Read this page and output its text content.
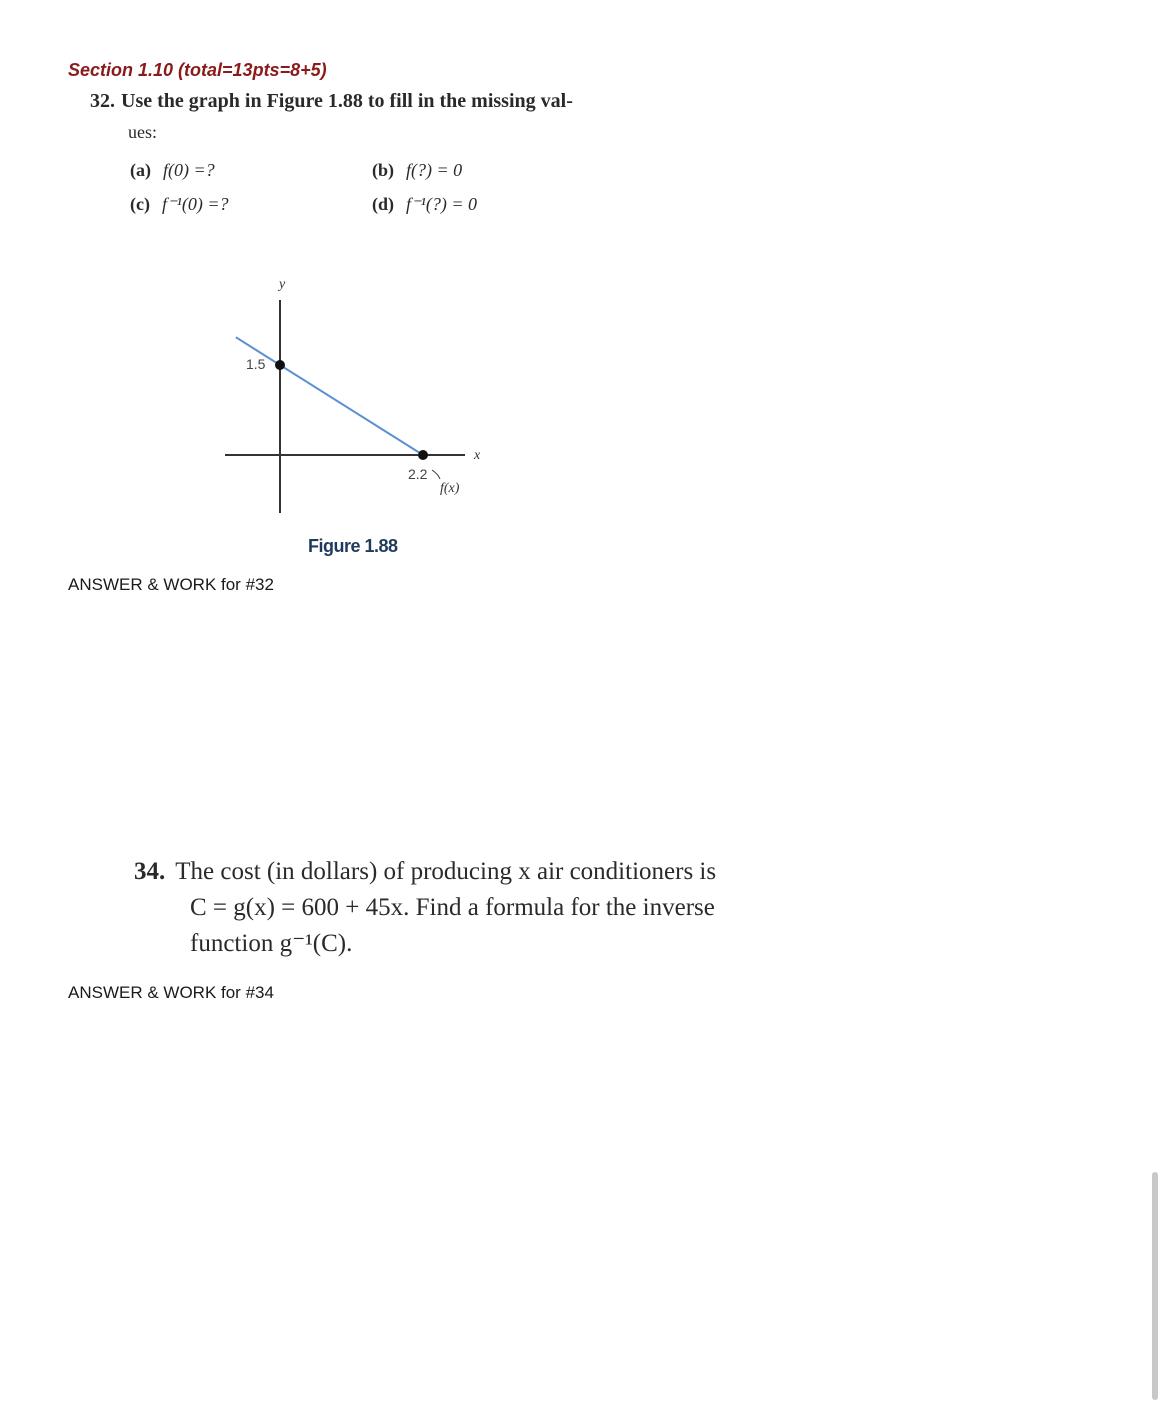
Section 1.10 (total=13pts=8+5)
32. Use the graph in Figure 1.88 to fill in the missing val-
ues:
(a) f(0) =?	(b) f(?) = 0
(c) f⁻¹(0) =?	(d) f⁻¹(?) = 0
y
x
1.5
2.2
f(x)
Figure 1.88
ANSWER & WORK for #32
34. The cost (in dollars) of producing x air conditioners is
C = g(x) = 600 + 45x. Find a formula for the inverse
function g⁻¹(C).
ANSWER & WORK for #34
